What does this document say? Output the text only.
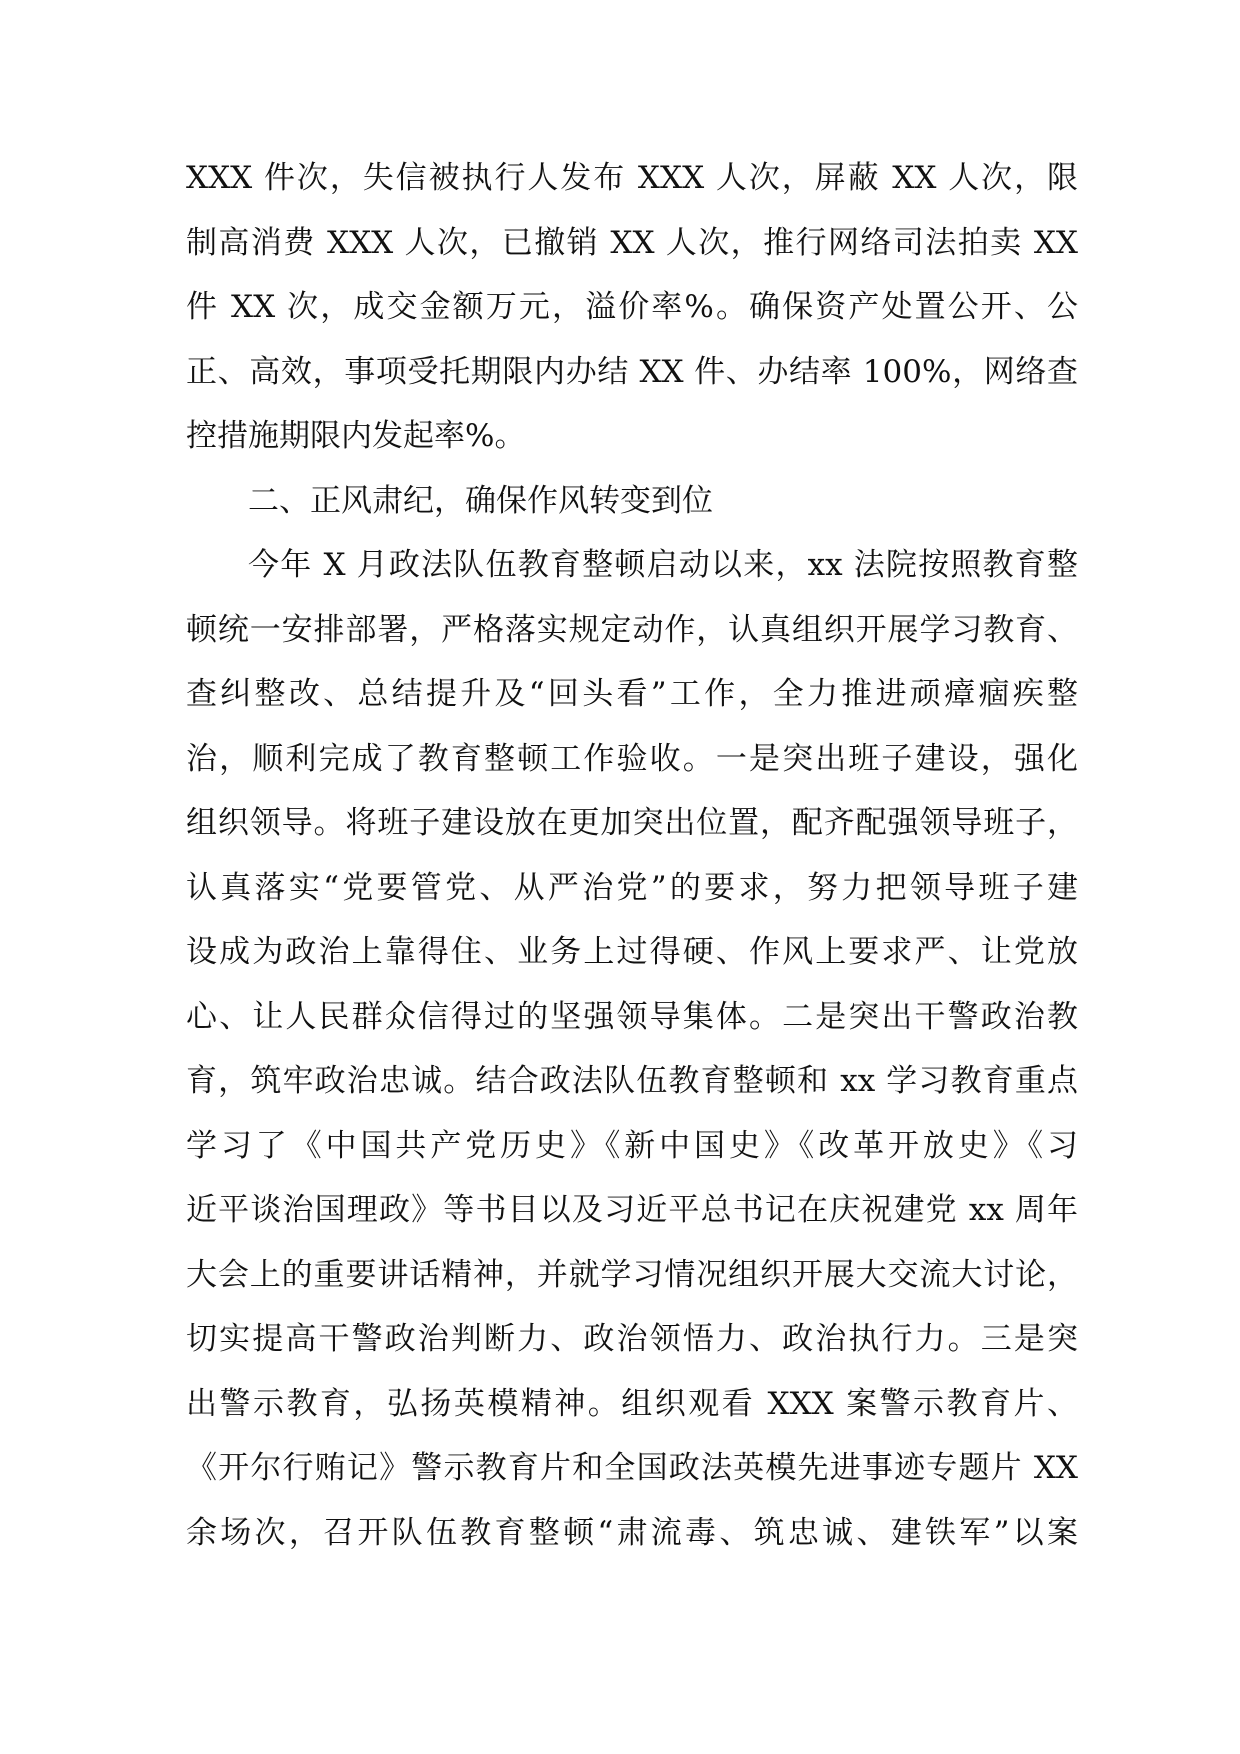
XXX 件次，失信被执行人发布 XXX 人次，屏蔽 XX 人次，限
制高消费 XXX 人次，已撤销 XX 人次，推行网络司法拍卖 XX
件 XX 次，成交金额万元，溢价率%。确保资产处置公开、公
正、高效，事项受托期限内办结 XX 件、办结率 100%，网络查
控措施期限内发起率%。
二、正风肃纪，确保作风转变到位
今年 X 月政法队伍教育整顿启动以来，xx 法院按照教育整
顿统一安排部署，严格落实规定动作，认真组织开展学习教育、
查纠整改、总结提升及“回头看”工作，全力推进顽瘴痼疾整
治，顺利完成了教育整顿工作验收。一是突出班子建设，强化
组织领导。将班子建设放在更加突出位置，配齐配强领导班子，
认真落实“党要管党、从严治党”的要求，努力把领导班子建
设成为政治上靠得住、业务上过得硬、作风上要求严、让党放
心、让人民群众信得过的坚强领导集体。二是突出干警政治教
育，筑牢政治忠诚。结合政法队伍教育整顿和 xx 学习教育重点
学习了《中国共产党历史》《新中国史》《改革开放史》《习
近平谈治国理政》等书目以及习近平总书记在庆祝建党 xx 周年
大会上的重要讲话精神，并就学习情况组织开展大交流大讨论，
切实提高干警政治判断力、政治领悟力、政治执行力。三是突
出警示教育，弘扬英模精神。组织观看 XXX 案警示教育片、
《开尔行贿记》警示教育片和全国政法英模先进事迹专题片 XX
余场次，召开队伍教育整顿“肃流毒、筑忠诚、建铁军”以案
